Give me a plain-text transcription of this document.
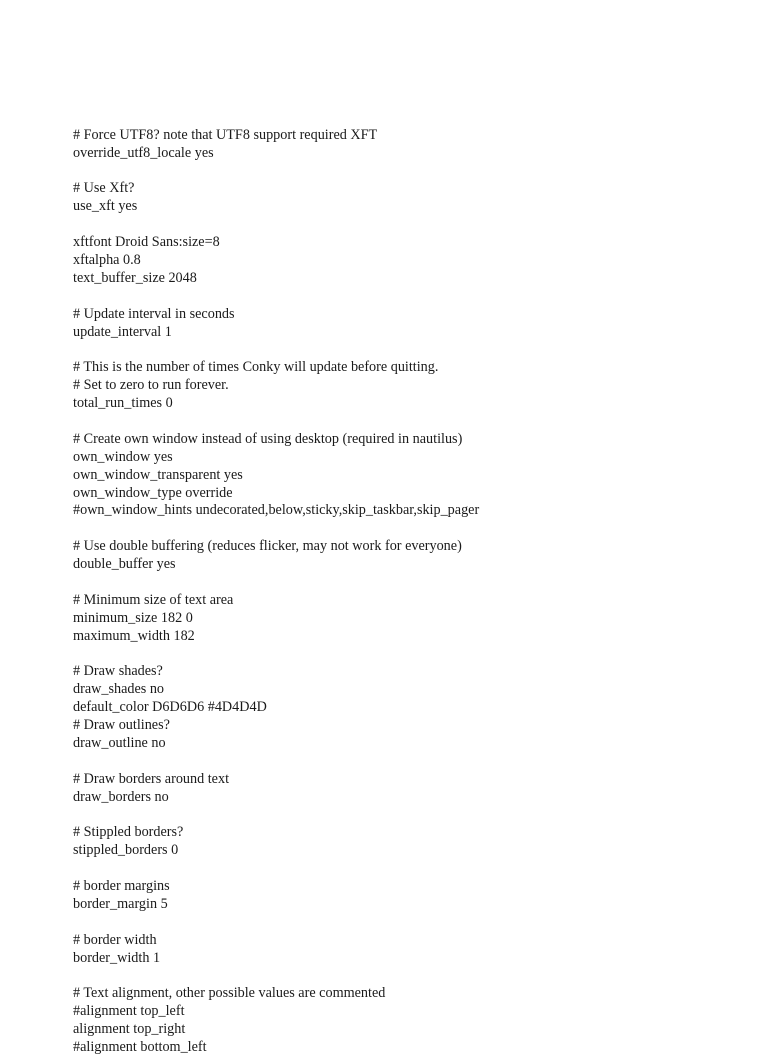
# Force UTF8? note that UTF8 support required XFT
override_utf8_locale yes
# Use Xft?
use_xft yes
xftfont Droid Sans:size=8
xftalpha 0.8
text_buffer_size 2048
# Update interval in seconds
update_interval 1
# This is the number of times Conky will update before quitting.
# Set to zero to run forever.
total_run_times 0
# Create own window instead of using desktop (required in nautilus)
own_window yes
own_window_transparent yes
own_window_type override
#own_window_hints undecorated,below,sticky,skip_taskbar,skip_pager
# Use double buffering (reduces flicker, may not work for everyone)
double_buffer yes
# Minimum size of text area
minimum_size 182 0
maximum_width 182
# Draw shades?
draw_shades no
default_color D6D6D6 #4D4D4D
# Draw outlines?
draw_outline no
# Draw borders around text
draw_borders no
# Stippled borders?
stippled_borders 0
# border margins
border_margin 5
# border width
border_width 1
# Text alignment, other possible values are commented
#alignment top_left
alignment top_right
#alignment bottom_left
